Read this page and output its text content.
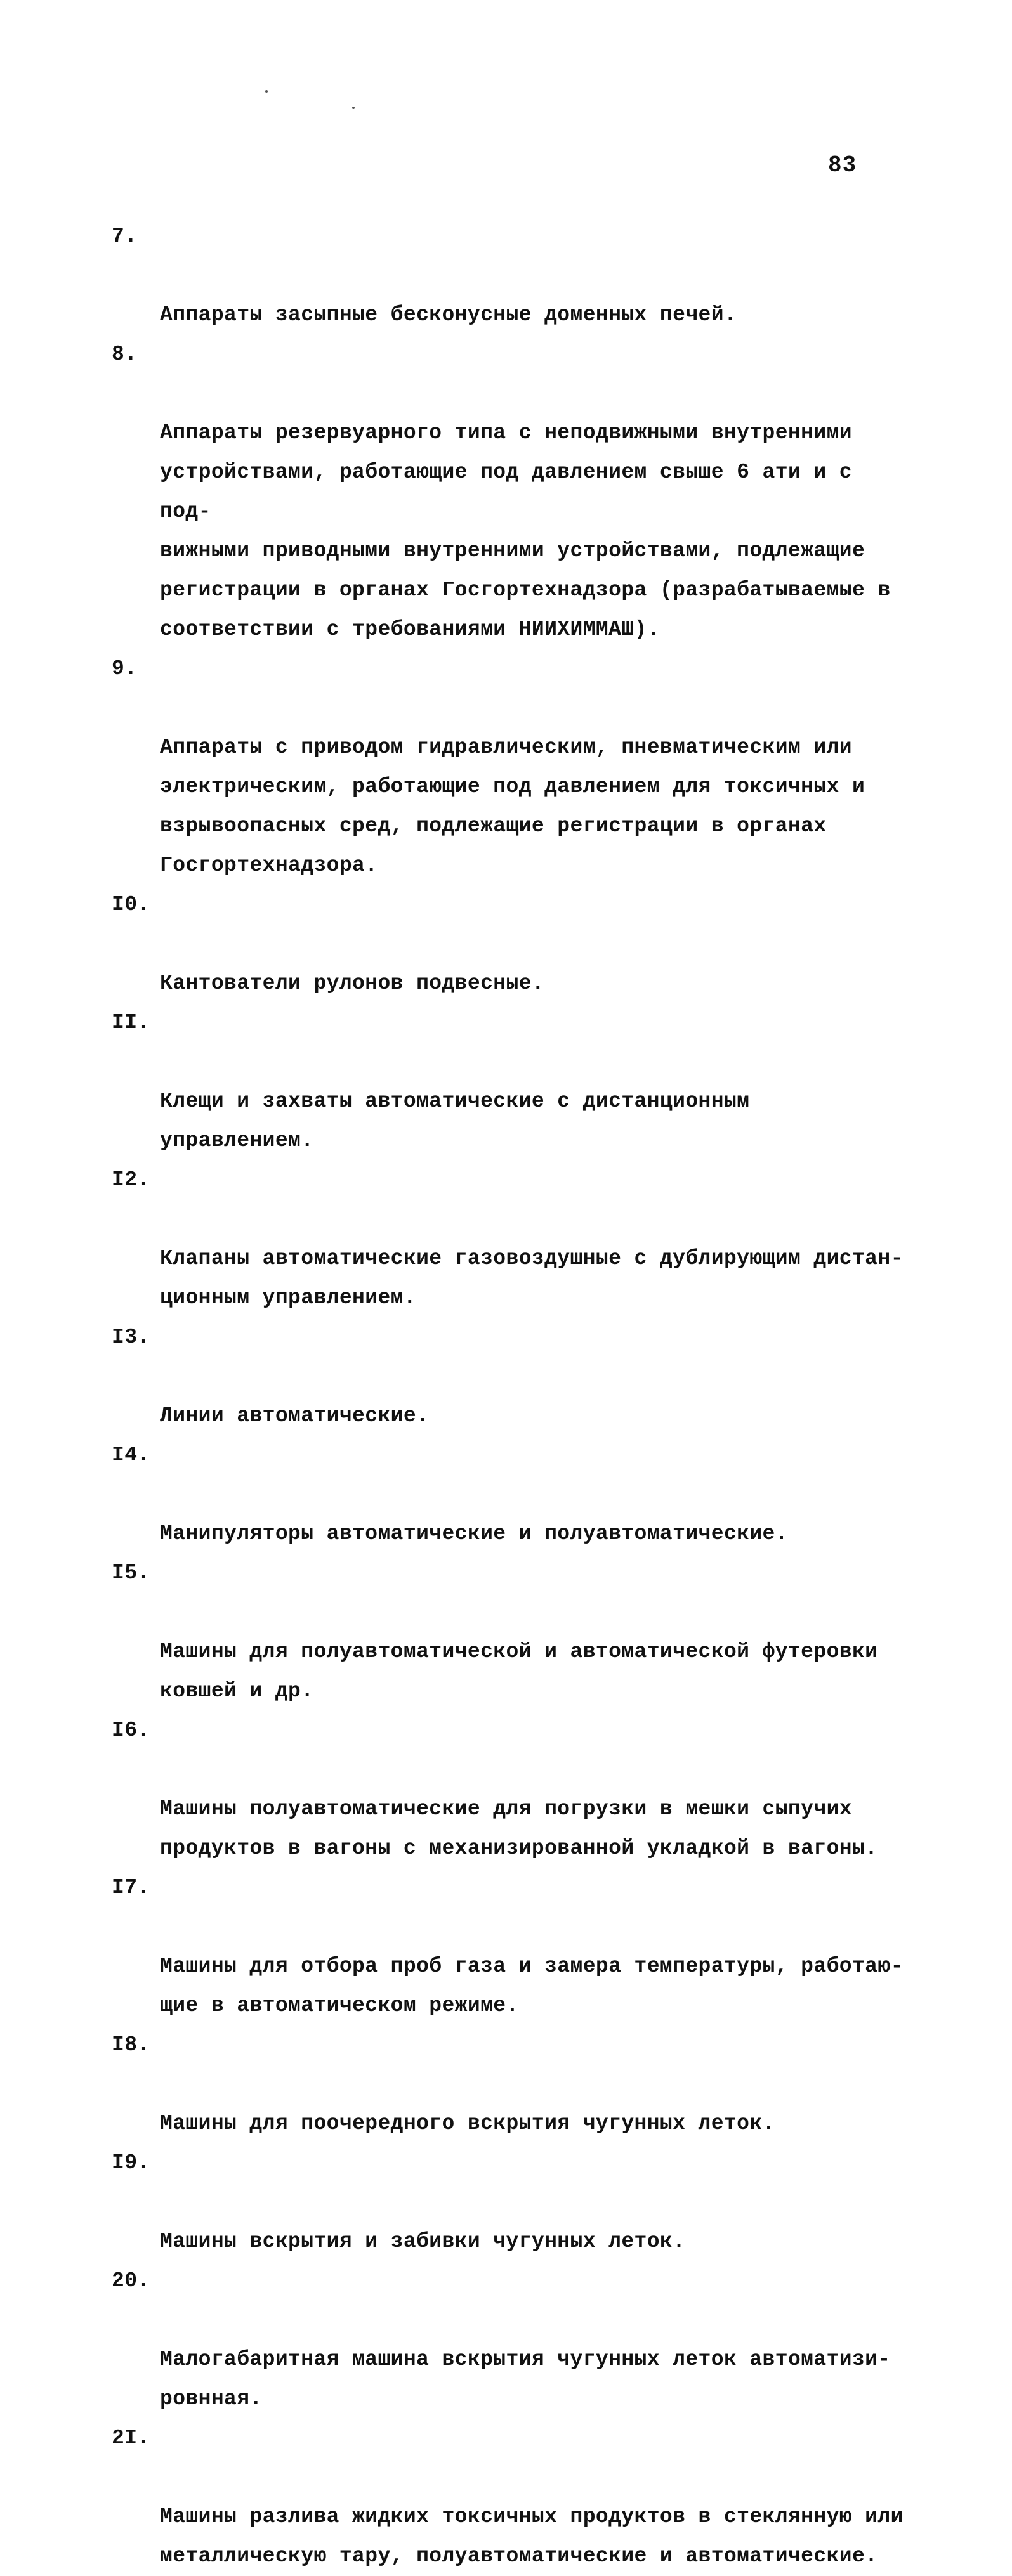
83

7.

Аппараты засыпные бесконусные доменных печей.

8.

Аппараты резервуарного типа с неподвижными внутренними
устройствами, работающие под давлением свыше 6 ати и с под-
вижными приводными внутренними устройствами, подлежащие
регистрации в органах Госгортехнадзора (разрабатываемые в
соответствии с требованиями НИИХИММАШ).

9.

Аппараты с приводом гидравлическим, пневматическим или
электрическим, работающие под давлением для токсичных и
взрывоопасных сред, подлежащие регистрации в органах
Госгортехнадзора.

I0.

Кантователи рулонов подвесные.

II.

Клещи и захваты автоматические с дистанционным управлением.

I2.

Клапаны автоматические газовоздушные с дублирующим дистан-
ционным управлением.

I3.

Линии автоматические.

I4.

Манипуляторы автоматические и полуавтоматические.

I5.

Машины для полуавтоматической и автоматической футеровки
ковшей и др.

I6.

Машины полуавтоматические для погрузки в мешки сыпучих
продуктов в вагоны с механизированной укладкой в вагоны.

I7.

Машины для отбора проб газа и замера температуры, работаю-
щие в автоматическом режиме.

I8.

Машины для поочередного вскрытия чугунных леток.

I9.

Машины вскрытия и забивки чугунных леток.

20.

Малогабаритная машина вскрытия чугунных леток автоматизи-
ровнная.

2I.

Машины разлива жидких токсичных продуктов в стеклянную или
металлическую тару, полуавтоматические и автоматические.
